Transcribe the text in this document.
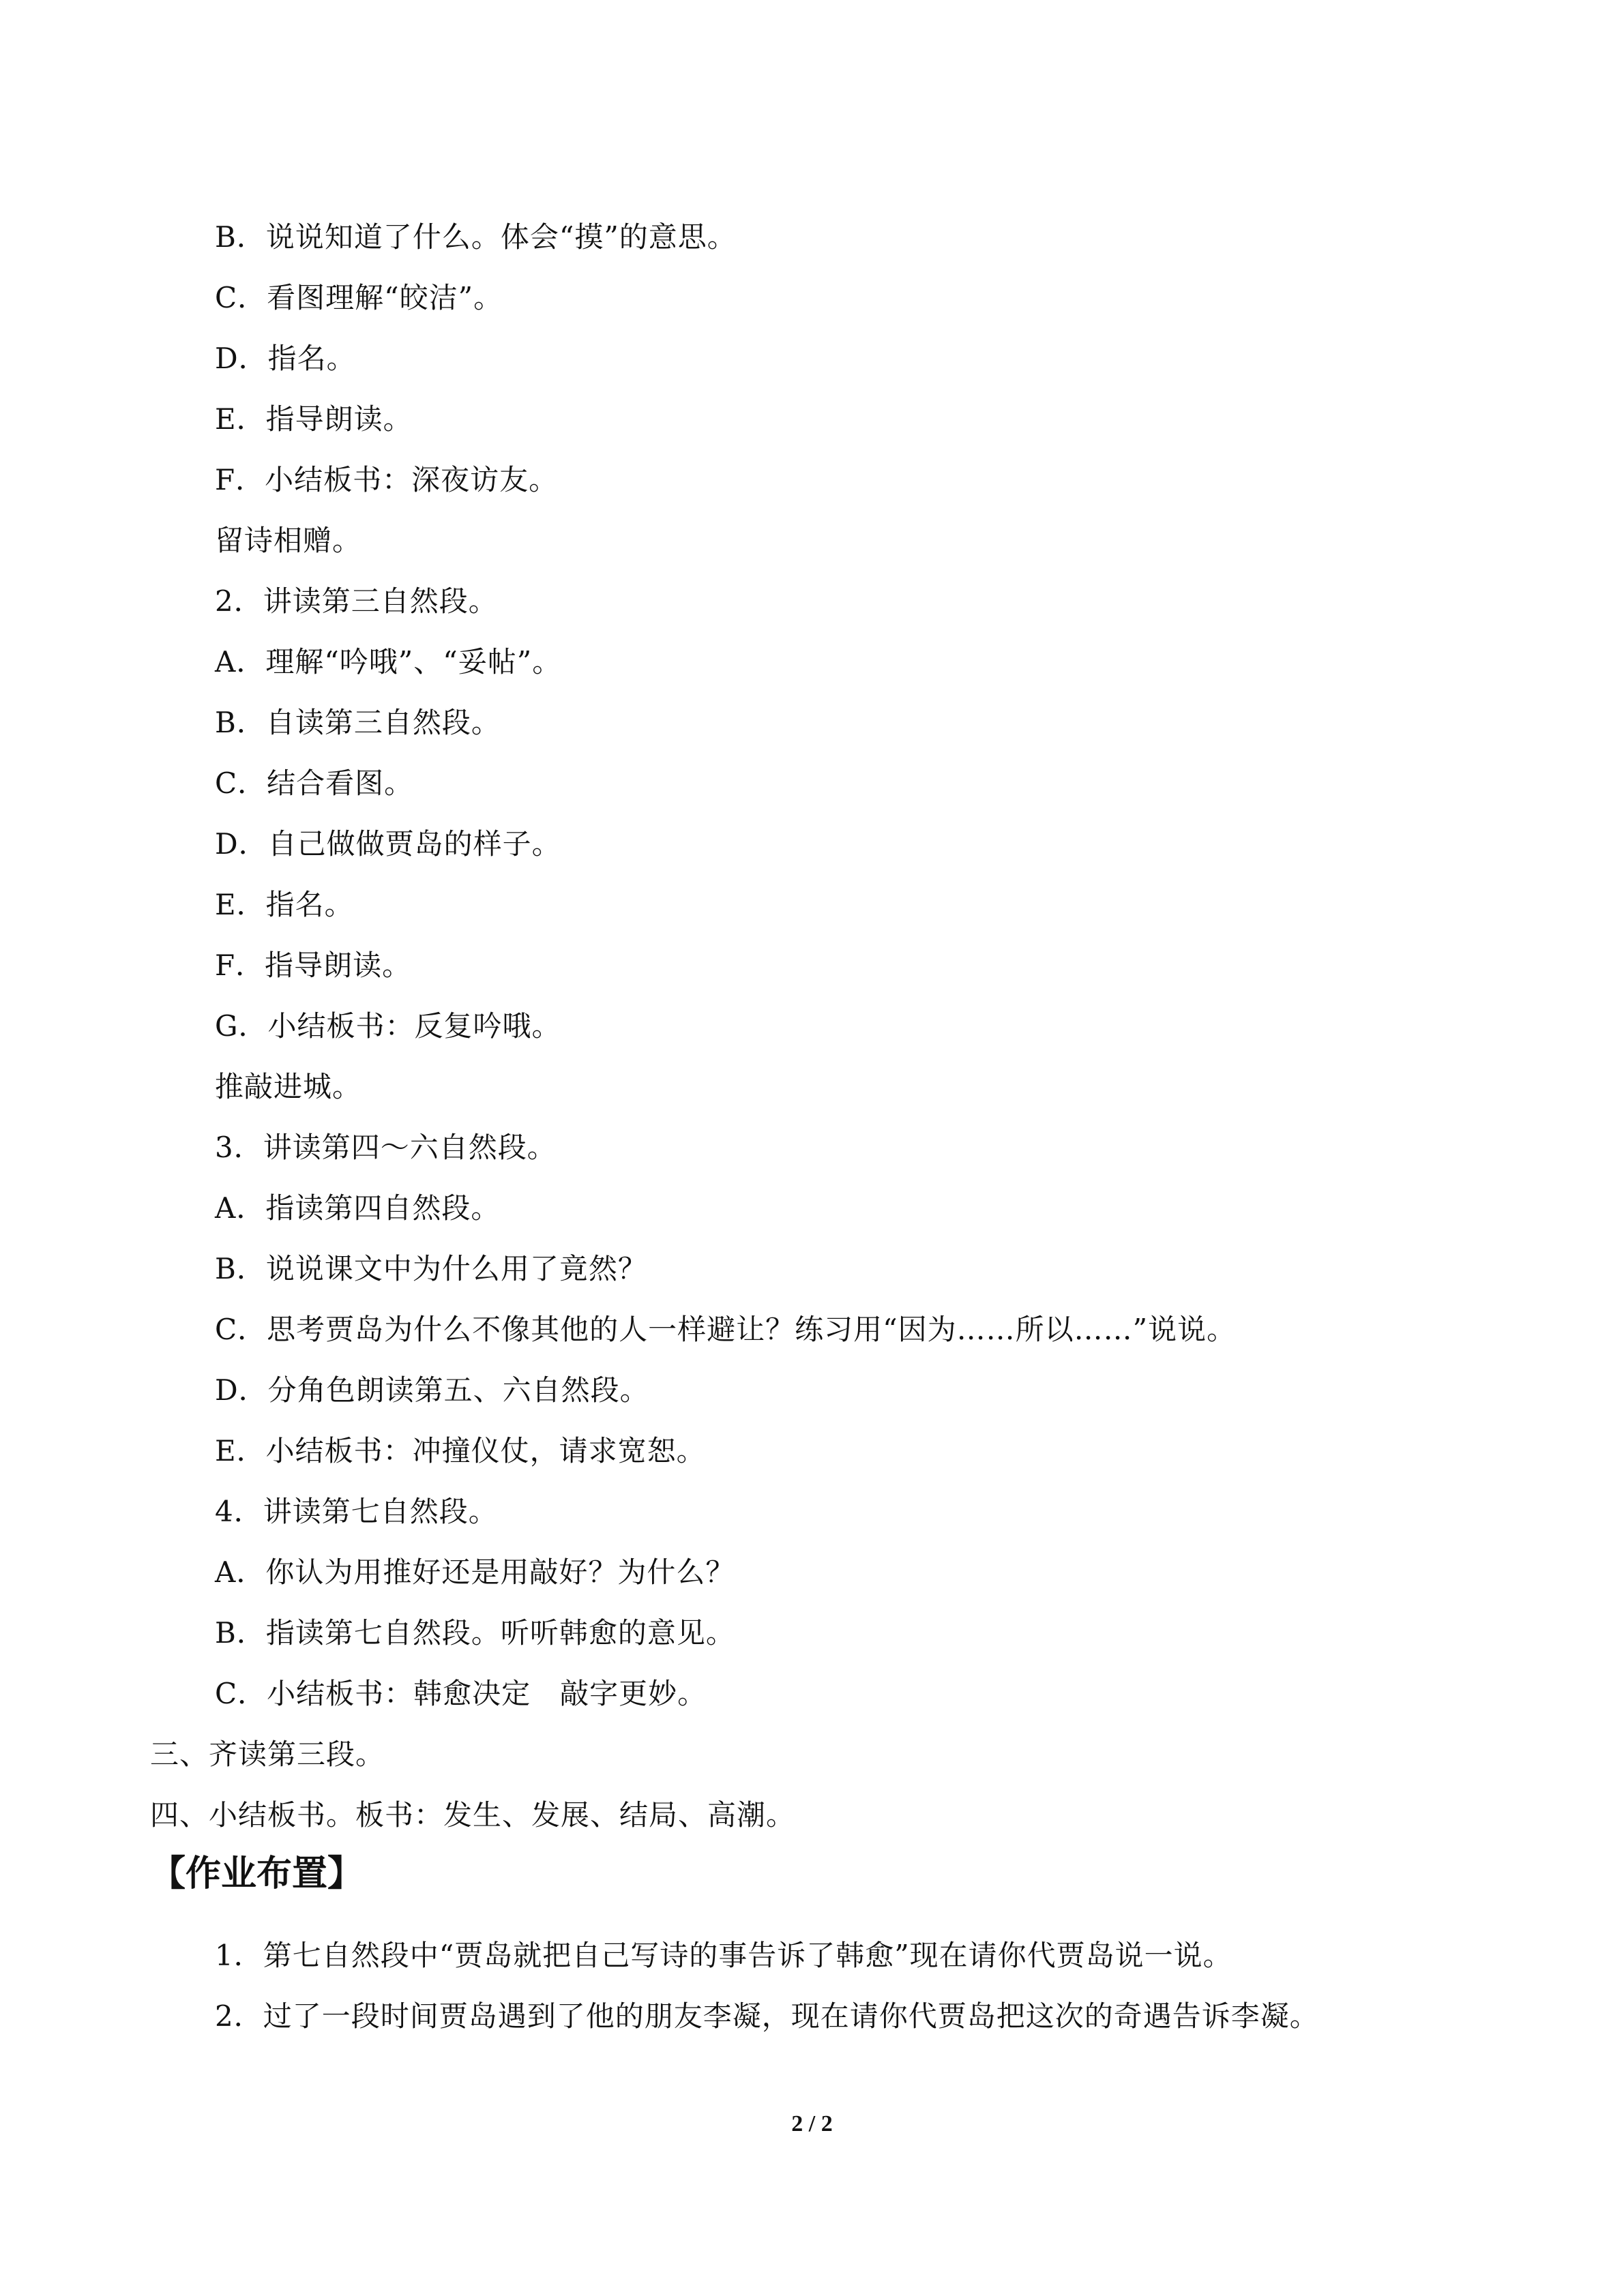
B．说说知道了什么。体会“摸”的意思。
C．看图理解“皎洁”。
D．指名。
E．指导朗读。
F．小结板书：深夜访友。
留诗相赠。
2．讲读第三自然段。
A．理解“吟哦”、“妥帖”。
B．自读第三自然段。
C．结合看图。
D．自己做做贾岛的样子。
E．指名。
F．指导朗读。
G．小结板书：反复吟哦。
推敲进城。
3．讲读第四～六自然段。
A．指读第四自然段。
B．说说课文中为什么用了竟然？
C．思考贾岛为什么不像其他的人一样避让？练习用“因为……所以……”说说。
D．分角色朗读第五、六自然段。
E．小结板书：冲撞仪仗，请求宽恕。
4．讲读第七自然段。
A．你认为用推好还是用敲好？为什么？
B．指读第七自然段。听听韩愈的意见。
C．小结板书：韩愈决定　敲字更妙。
三、齐读第三段。
四、小结板书。板书：发生、发展、结局、高潮。
【作业布置】
1．第七自然段中“贾岛就把自己写诗的事告诉了韩愈”现在请你代贾岛说一说。
2．过了一段时间贾岛遇到了他的朋友李凝，现在请你代贾岛把这次的奇遇告诉李凝。
2 / 2
